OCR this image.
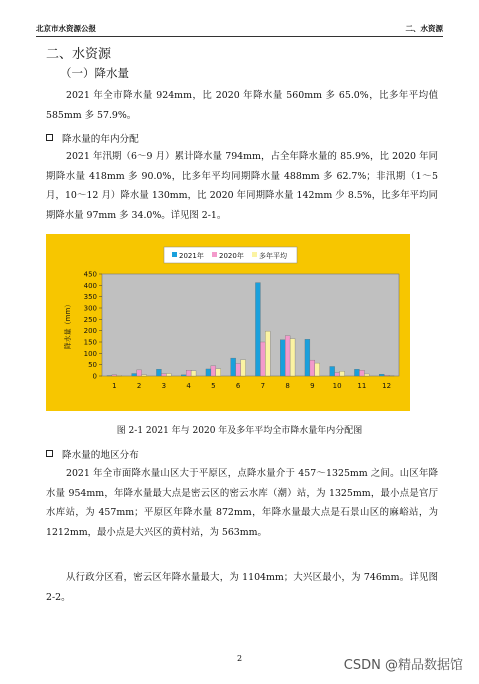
北京市水资源公报	二、水资源
二、水资源
（一）降水量
2021 年全市降水量 924mm，比 2020 年降水量 560mm 多 65.0%，比多年平均值 585mm 多 57.9%。
降水量的年内分配
2021 年汛期（6～9 月）累计降水量 794mm，占全年降水量的 85.9%，比 2020 年同期降水量 418mm 多 90.0%，比多年平均同期降水量 488mm 多 62.7%；非汛期（1～5 月，10～12 月）降水量 130mm，比 2020 年同期降水量 142mm 少 8.5%，比多年平均同期降水量 97mm 多 34.0%。详见图 2-1。
0
50
100
150
200
250
300
350
400
450
1	2	3	4	5	6	7	8	9	10 11 12
降水量（mm）
2021年 2020年 多年平均
图 2-1 2021 年与 2020 年及多年平均全市降水量年内分配图
降水量的地区分布
2021 年全市面降水量山区大于平原区，点降水量介于 457～1325mm 之间。山区年降水量 954mm，年降水量最大点是密云区的密云水库（潮）站，为 1325mm，最小点是官厅水库站，为 457mm；平原区年降水量 872mm，年降水量最大点是石景山区的麻峪站，为 1212mm，最小点是大兴区的黄村站，为 563mm。
从行政分区看，密云区年降水量最大，为 1104mm；大兴区最小，为 746mm。详见图 2-2。
2	CSDN @精品数据馆
